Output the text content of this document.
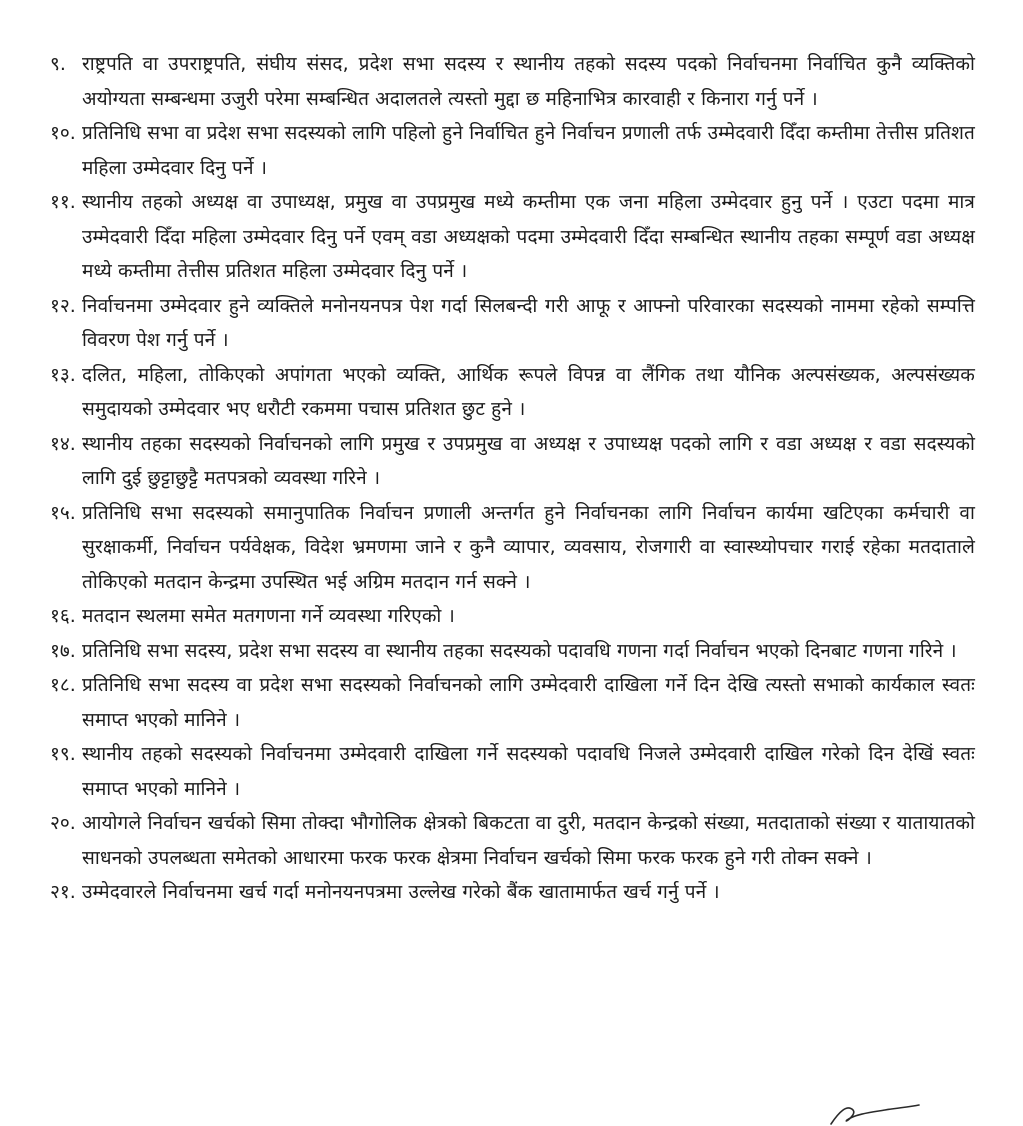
९. राष्ट्रपति वा उपराष्ट्रपति, संघीय संसद, प्रदेश सभा सदस्य र स्थानीय तहको सदस्य पदको निर्वाचनमा निर्वाचित कुनै व्यक्तिको अयोग्यता सम्बन्धमा उजुरी परेमा सम्बन्धित अदालतले त्यस्तो मुद्दा छ महिनाभित्र कारवाही र किनारा गर्नु पर्ने ।
१०. प्रतिनिधि सभा वा प्रदेश सभा सदस्यको लागि पहिलो हुने निर्वाचित हुने निर्वाचन प्रणाली तर्फ उम्मेदवारी दिँदा कम्तीमा तेत्तीस प्रतिशत महिला उम्मेदवार दिनु पर्ने ।
११. स्थानीय तहको अध्यक्ष वा उपाध्यक्ष, प्रमुख वा उपप्रमुख मध्ये कम्तीमा एक जना महिला उम्मेदवार हुनु पर्ने । एउटा पदमा मात्र उम्मेदवारी दिँदा महिला उम्मेदवार दिनु पर्ने एवम् वडा अध्यक्षको पदमा उम्मेदवारी दिँदा सम्बन्धित स्थानीय तहका सम्पूर्ण वडा अध्यक्ष मध्ये कम्तीमा तेत्तीस प्रतिशत महिला उम्मेदवार दिनु पर्ने ।
१२. निर्वाचनमा उम्मेदवार हुने व्यक्तिले मनोनयनपत्र पेश गर्दा सिलबन्दी गरी आफू र आफ्नो परिवारका सदस्यको नाममा रहेको सम्पत्ति विवरण पेश गर्नु पर्ने ।
१३. दलित, महिला, तोकिएको अपांगता भएको व्यक्ति, आर्थिक रूपले विपन्न वा लैंगिक तथा यौनिक अल्पसंख्यक, अल्पसंख्यक समुदायको उम्मेदवार भए धरौटी रकममा पचास प्रतिशत छुट हुने ।
१४. स्थानीय तहका सदस्यको निर्वाचनको लागि प्रमुख र उपप्रमुख वा अध्यक्ष र उपाध्यक्ष पदको लागि र वडा अध्यक्ष र वडा सदस्यको लागि दुई छुट्टाछुट्टै मतपत्रको व्यवस्था गरिने ।
१५. प्रतिनिधि सभा सदस्यको समानुपातिक निर्वाचन प्रणाली अन्तर्गत हुने निर्वाचनका लागि निर्वाचन कार्यमा खटिएका कर्मचारी वा सुरक्षाकर्मी, निर्वाचन पर्यवेक्षक, विदेश भ्रमणमा जाने र कुनै व्यापार, व्यवसाय, रोजगारी वा स्वास्थ्योपचार गराई रहेका मतदाताले तोकिएको मतदान केन्द्रमा उपस्थित भई अग्रिम मतदान गर्न सक्ने ।
१६. मतदान स्थलमा समेत मतगणना गर्ने व्यवस्था गरिएको ।
१७. प्रतिनिधि सभा सदस्य, प्रदेश सभा सदस्य वा स्थानीय तहका सदस्यको पदावधि गणना गर्दा निर्वाचन भएको दिनबाट गणना गरिने ।
१८. प्रतिनिधि सभा सदस्य वा प्रदेश सभा सदस्यको निर्वाचनको लागि उम्मेदवारी दाखिला गर्ने दिन देखि त्यस्तो सभाको कार्यकाल स्वतः समाप्त भएको मानिने ।
१९. स्थानीय तहको सदस्यको निर्वाचनमा उम्मेदवारी दाखिला गर्ने सदस्यको पदावधि निजले उम्मेदवारी दाखिल गरेको दिन देखिं स्वतः समाप्त भएको मानिने ।
२०. आयोगले निर्वाचन खर्चको सिमा तोक्दा भौगोलिक क्षेत्रको बिकटता वा दुरी, मतदान केन्द्रको संख्या, मतदाताको संख्या र यातायातको साधनको उपलब्धता समेतको आधारमा फरक फरक क्षेत्रमा निर्वाचन खर्चको सिमा फरक फरक हुने गरी तोक्न सक्ने ।
२१. उम्मेदवारले निर्वाचनमा खर्च गर्दा मनोनयनपत्रमा उल्लेख गरेको बैंक खातामार्फत खर्च गर्नु पर्ने ।
